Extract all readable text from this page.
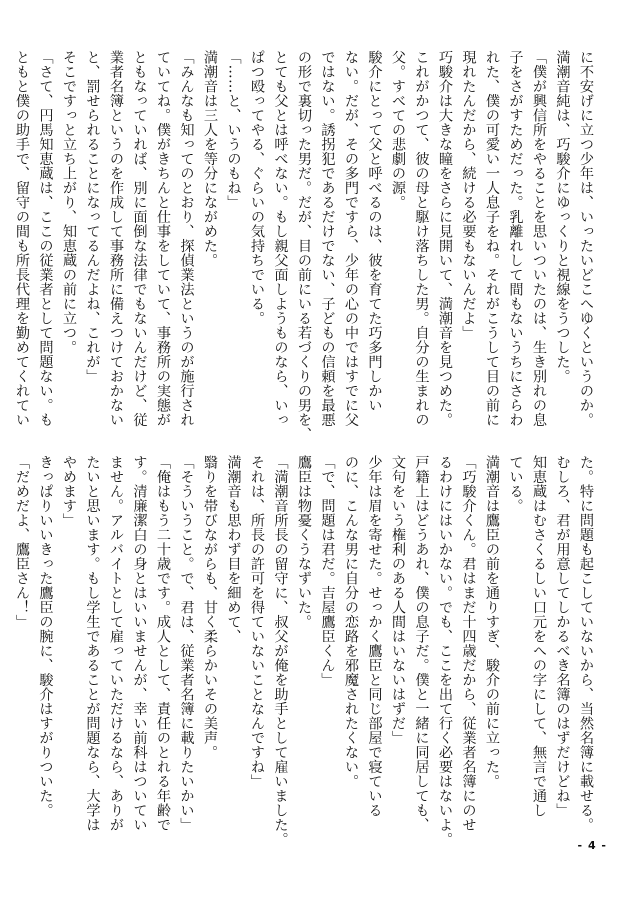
に不安げに立つ少年は、いったいどこへゆくというのか。

満潮音純は、巧駿介にゆっくりと視線をうつした。

「僕が興信所をやることを思いついたのは、生き別れの息

子をさがすためだった。乳離れして間もないうちにさらわ

れた、僕の可愛い一人息子をね。それがこうして目の前に

現れたんだから、続ける必要もないんだよ」

巧駿介は大きな瞳をさらに見開いて、満潮音を見つめた。

これがかつて、彼の母と駆け落ちした男。自分の生まれの

父。すべての悲劇の源。

駿介にとって父と呼べるのは、彼を育てた巧多門しかい

ない。だが、その多門ですら、少年の心の中ではすでに父

ではない。誘拐犯であるだけでない、子どもの信頼を最悪

の形で裏切った男だ。だが、目の前にいる若づくりの男を、

とても父とは呼べない。もし親父面しようものなら、いっ

ぱつ殴ってやる、ぐらいの気持ちでいる。

「……と、いうのもね」

満潮音は三人を等分にながめた。

「みんなも知ってのとおり、探偵業法というのが施行され

ていてね。僕がきちんと仕事をしていて、事務所の実態が

ともなっていれば、別に面倒な法律でもないんだけど、従

業者名簿というのを作成して事務所に備えつけておかない

と、罰せられることになってるんだよね、これが」

そこですっと立ち上がり、知恵蔵の前に立つ。

「さて、円馬知恵蔵は、ここの従業者として問題ない。も

ともと僕の助手で、留守の間も所長代理を勤めてくれてい

た。特に問題も起こしていないから、当然名簿に載せる。

むしろ、君が用意してしかるべき名簿のはずだけどね」

知恵蔵はむさくるしい口元をへの字にして、無言で通し

ている。

満潮音は鷹臣の前を通りすぎ、駿介の前に立った。

「巧駿介くん。君はまだ十四歳だから、従業者名簿にのせ

るわけにはいかない。でも、ここを出て行く必要はないよ。

戸籍上はどうあれ、僕の息子だ。僕と一緒に同居しても、

文句をいう権利のある人間はいないはずだ」

少年は眉を寄せた。せっかく鷹臣と同じ部屋で寝ている

のに、こんな男に自分の恋路を邪魔されたくない。

「で、問題は君だ。吉屋鷹臣くん」

鷹臣は物憂くうなずいた。

「満潮音所長の留守に、叔父が俺を助手として雇いました。

それは、所長の許可を得ていないことなんですね」

満潮音も思わず目を細めて、

翳りを帯びながらも、甘く柔らかいその美声。

「そういうこと。で、君は、従業者名簿に載りたいかい」

「俺はもう二十歳です。成人として、責任のとれる年齢で

す。清廉潔白の身とはいいませんが、幸い前科はついてい

ません。アルバイトとして雇っていただけるなら、ありが

たいと思います。もし学生であることが問題なら、大学は

やめます」

きっぱりいいきった鷹臣の腕に、駿介はすがりついた。

「だめだよ、鷹臣さん！」

- 4 -
